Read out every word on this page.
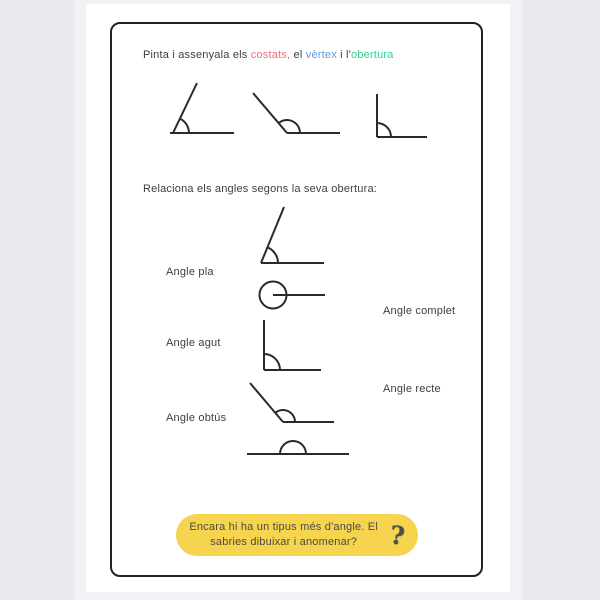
Pinta i assenyala els costats, el vèrtex i l'obertura
Relaciona els angles segons la seva obertura:
Angle pla
Angle agut
Angle obtús
Angle complet
Angle recte
Encara hi ha un tipus més d'angle. El
sabries dibuixar i anomenar?	?
